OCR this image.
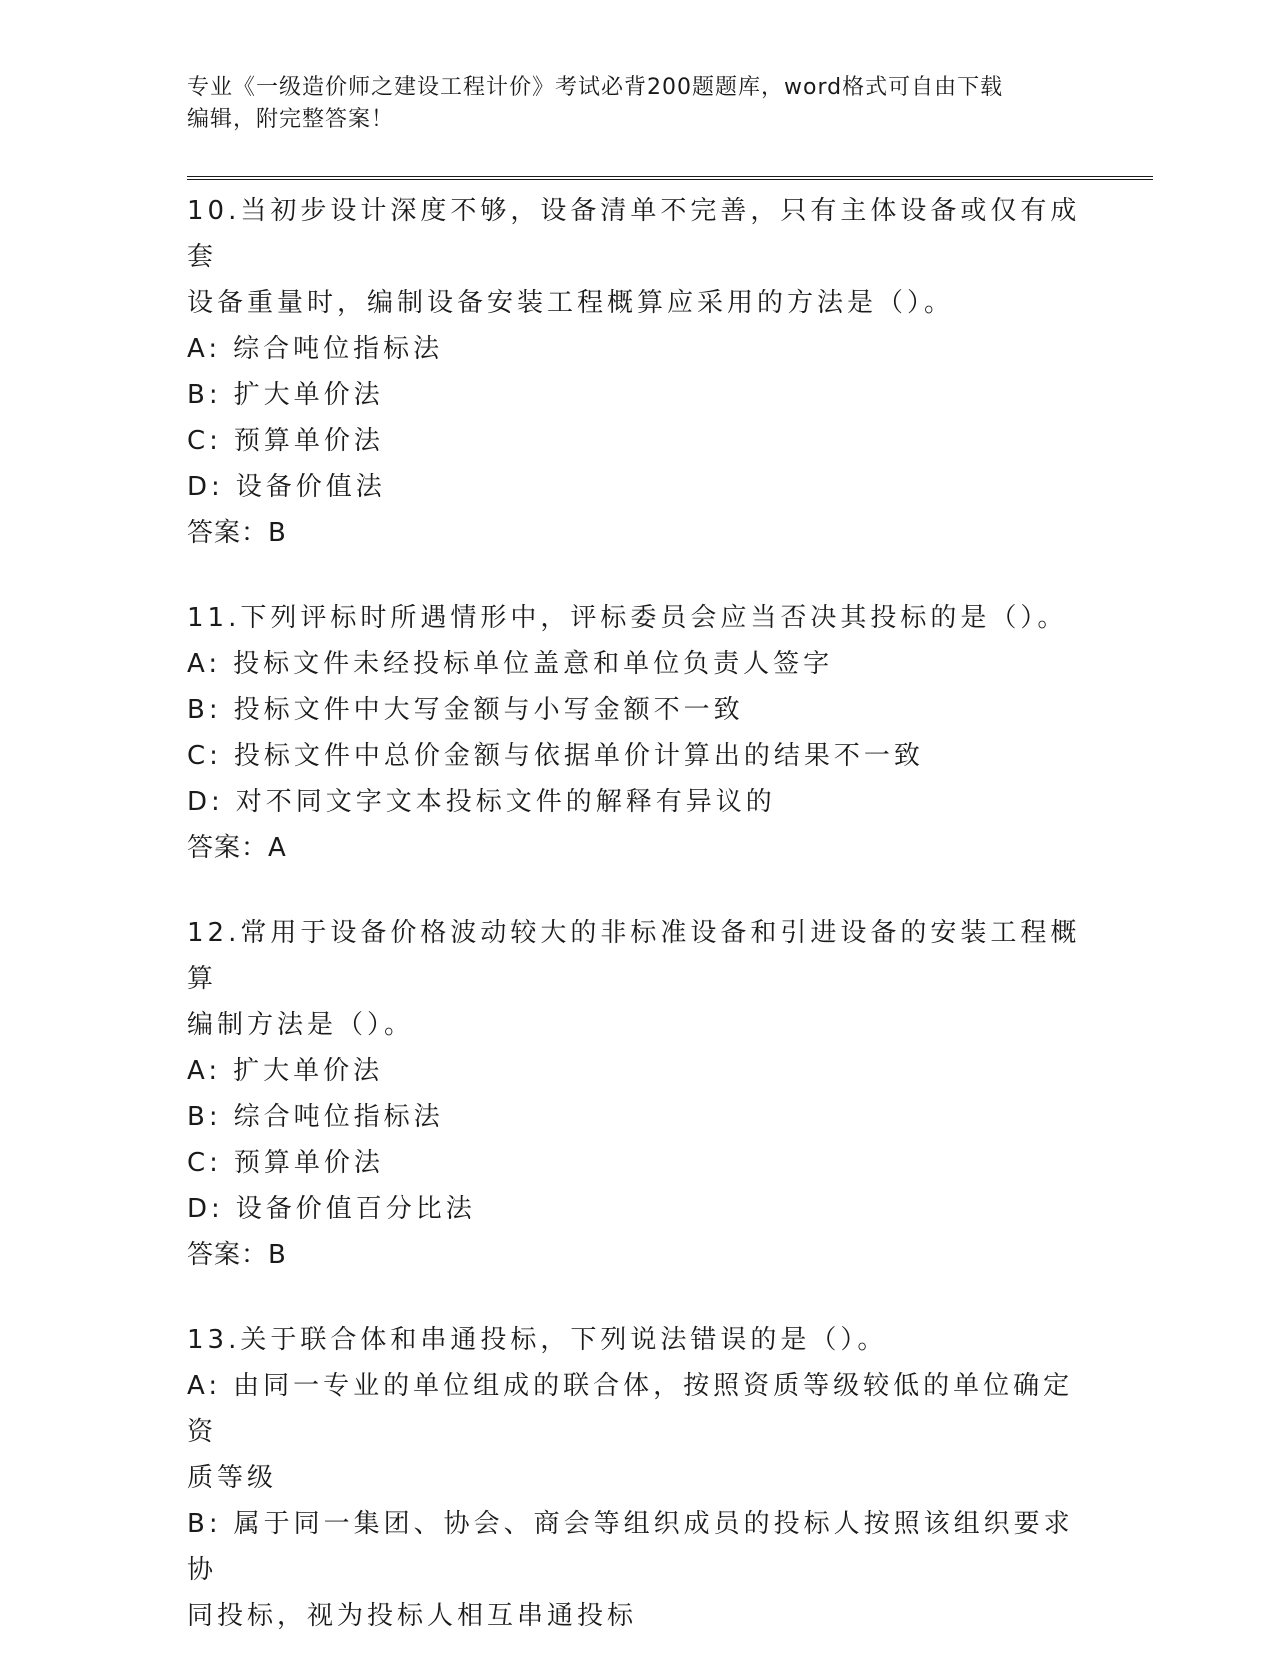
专业《一级造价师之建设工程计价》考试必背200题题库，word格式可自由下载
编辑，附完整答案！

10.当初步设计深度不够，设备清单不完善，只有主体设备或仅有成套

设备重量时，编制设备安装工程概算应采用的方法是（）。

A: 综合吨位指标法

B: 扩大单价法

C: 预算单价法

D: 设备价值法

答案：B

11.下列评标时所遇情形中，评标委员会应当否决其投标的是（）。

A: 投标文件未经投标单位盖意和单位负责人签字

B: 投标文件中大写金额与小写金额不一致

C: 投标文件中总价金额与依据单价计算出的结果不一致

D: 对不同文字文本投标文件的解释有异议的

答案：A

12.常用于设备价格波动较大的非标准设备和引进设备的安装工程概算

编制方法是（）。

A: 扩大单价法

B: 综合吨位指标法

C: 预算单价法

D: 设备价值百分比法

答案：B

13.关于联合体和串通投标，下列说法错误的是（）。

A: 由同一专业的单位组成的联合体，按照资质等级较低的单位确定资

质等级

B: 属于同一集团、协会、商会等组织成员的投标人按照该组织要求协

同投标，视为投标人相互串通投标
